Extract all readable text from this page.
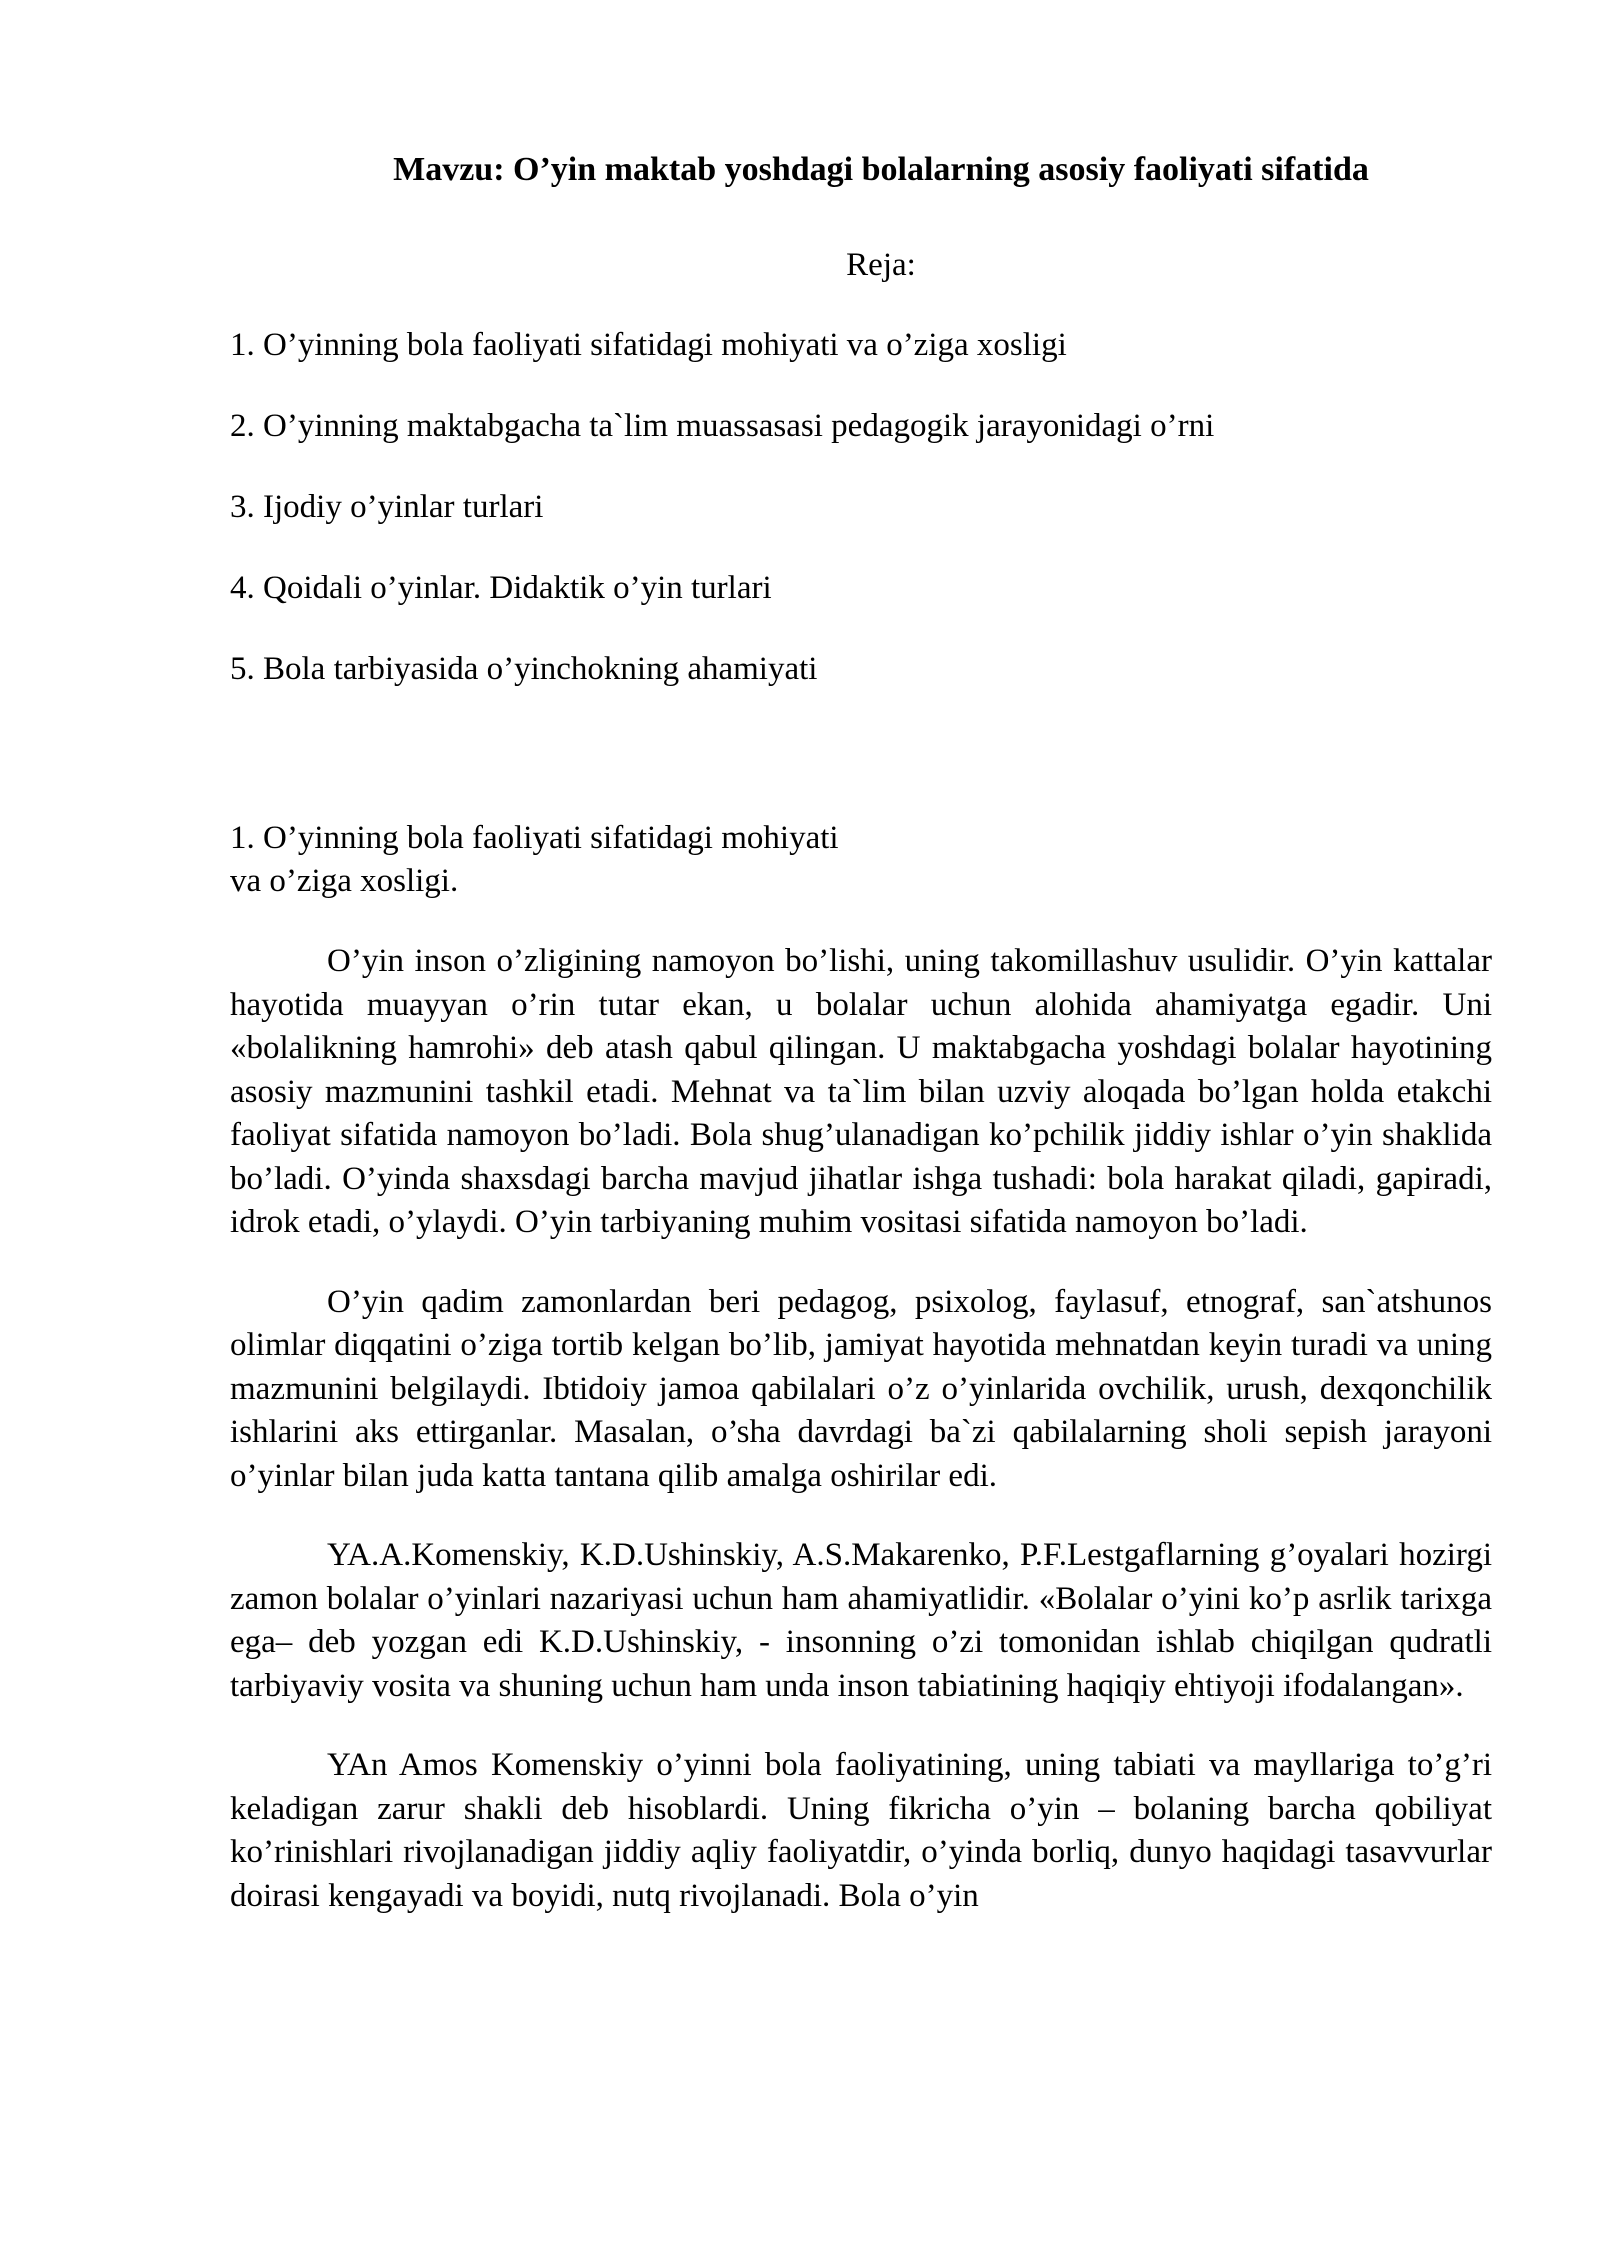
Mavzu: O’yin maktab yoshdagi bolalarning asosiy faoliyati sifatida
Reja:
1. O’yinning bola faoliyati sifatidagi mohiyati va o’ziga xosligi
2. O’yinning maktabgacha ta`lim muassasasi pedagogik jarayonidagi o’rni
3. Ijodiy o’yinlar turlari
4. Qoidali o’yinlar. Didaktik o’yin turlari
5. Bola tarbiyasida o’yinchokning ahamiyati
1. O’yinning bola faoliyati sifatidagi mohiyati
va o’ziga xosligi.

O’yin inson o’zligining namoyon bo’lishi, uning takomillashuv usulidir. O’yin kattalar hayotida muayyan o’rin tutar ekan, u bolalar uchun alohida ahamiyatga egadir. Uni «bolalikning hamrohi» deb atash qabul qilingan. U maktabgacha yoshdagi bolalar hayotining asosiy mazmunini tashkil etadi. Mehnat va ta`lim bilan uzviy aloqada bo’lgan holda etakchi faoliyat sifatida namoyon bo’ladi. Bola shug’ulanadigan ko’pchilik jiddiy ishlar o’yin shaklida bo’ladi. O’yinda shaxsdagi barcha mavjud jihatlar ishga tushadi: bola harakat qiladi, gapiradi, idrok etadi, o’ylaydi. O’yin tarbiyaning muhim vositasi sifatida namoyon bo’ladi.

O’yin qadim zamonlardan beri pedagog, psixolog, faylasuf, etnograf, san`atshunos olimlar diqqatini o’ziga tortib kelgan bo’lib, jamiyat hayotida mehnatdan keyin turadi va uning mazmunini belgilaydi. Ibtidoiy jamoa qabilalari o’z o’yinlarida ovchilik, urush, dexqonchilik ishlarini aks ettirganlar. Masalan, o’sha davrdagi ba`zi qabilalarning sholi sepish jarayoni o’yinlar bilan juda katta tantana qilib amalga oshirilar edi.

YA.A.Komenskiy, K.D.Ushinskiy, A.S.Makarenko, P.F.Lestgaflarning g’oyalari hozirgi zamon bolalar o’yinlari nazariyasi uchun ham ahamiyatlidir. «Bolalar o’yini ko’p asrlik tarixga ega– deb yozgan edi K.D.Ushinskiy, - insonning o’zi tomonidan ishlab chiqilgan qudratli tarbiyaviy vosita va shuning uchun ham unda inson tabiatining haqiqiy ehtiyoji ifodalangan».

YAn Amos Komenskiy o’yinni bola faoliyatining, uning tabiati va mayllariga to’g’ri keladigan zarur shakli deb hisoblardi. Uning fikricha o’yin – bolaning barcha qobiliyat ko’rinishlari rivojlanadigan jiddiy aqliy faoliyatdir, o’yinda borliq, dunyo haqidagi tasavvurlar doirasi kengayadi va boyidi, nutq rivojlanadi. Bola o’yin
